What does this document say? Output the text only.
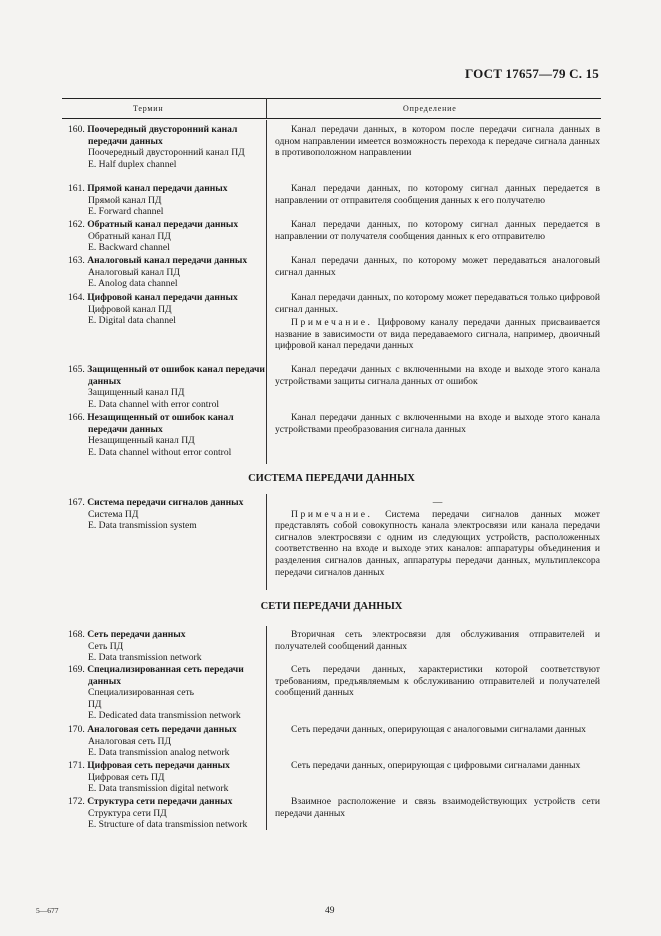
ГОСТ 17657—79 С. 15
Термин	Определение
160. Поочередный двусторонний канал передачи данных
Поочередный двусторонний канал ПД
E. Half duplex channel

Канал передачи данных, в котором после передачи сигнала данных в одном направлении имеется возможность перехода к передаче сигнала данных в противоположном направлении

161. Прямой канал передачи данных
Прямой канал ПД
E. Forward channel

Канал передачи данных, по которому сигнал данных передается в направлении от отправителя сообщения данных к его получателю

162. Обратный канал передачи данных
Обратный канал ПД
E. Backward channel

Канал передачи данных, по которому сигнал данных передается в направлении от получателя сообщения данных к его отправителю

163. Аналоговый канал передачи данных
Аналоговый канал ПД
E. Anolog data channel

Канал передачи данных, по которому может передаваться аналоговый сигнал данных

164. Цифровой канал передачи данных
Цифровой канал ПД
E. Digital data channel

Канал передачи данных, по которому может передаваться только цифровой сигнал данных.

Примечание. Цифровому каналу передачи данных присваивается название в зависимости от вида передаваемого сигнала, например, двоичный цифровой канал передачи данных

165. Защищенный от ошибок канал передачи данных
Защищенный канал ПД
E. Data channel with error control

Канал передачи данных с включенными на входе и выходе этого канала устройствами защиты сигнала данных от ошибок

166. Незащищенный от ошибок канал передачи данных
Незащищенный канал ПД
E. Data channel without error control

Канал передачи данных с включенными на входе и выходе этого канала устройствами преобразования сигнала данных

СИСТЕМА ПЕРЕДАЧИ ДАННЫХ
167. Система передачи сигналов данных
Система ПД
E. Data transmission system

—

Примечание. Система передачи сигналов данных может представлять собой совокупность канала электросвязи или канала передачи сигналов электросвязи с одним из следующих устройств, расположенных соответственно на входе и выходе этих каналов: аппаратуры объединения и разделения сигналов данных, аппаратуры передачи данных, мультиплексора передачи сигналов данных

СЕТИ ПЕРЕДАЧИ ДАННЫХ
168. Сеть передачи данных
Сеть ПД
E. Data transmission network

Вторичная сеть электросвязи для обслуживания отправителей и получателей сообщений данных

169. Специализированная сеть передачи данных
Специализированная сеть
ПД
E. Dedicated data transmission network

Сеть передачи данных, характеристики которой соответствуют требованиям, предъявляемым к обслуживанию отправителей и получателей сообщений данных

170. Аналоговая сеть передачи данных
Аналоговая сеть ПД
E. Data transmission analog network

Сеть передачи данных, оперирующая с аналоговыми сигналами данных

171. Цифровая сеть передачи данных
Цифровая сеть ПД
E. Data transmission digital network

Сеть передачи данных, оперирующая с цифровыми сигналами данных

172. Структура сети передачи данных
Структура сети ПД
E. Structure of data transmission network

Взаимное расположение и связь взаимодействующих устройств сети передачи данных

5—677	49
